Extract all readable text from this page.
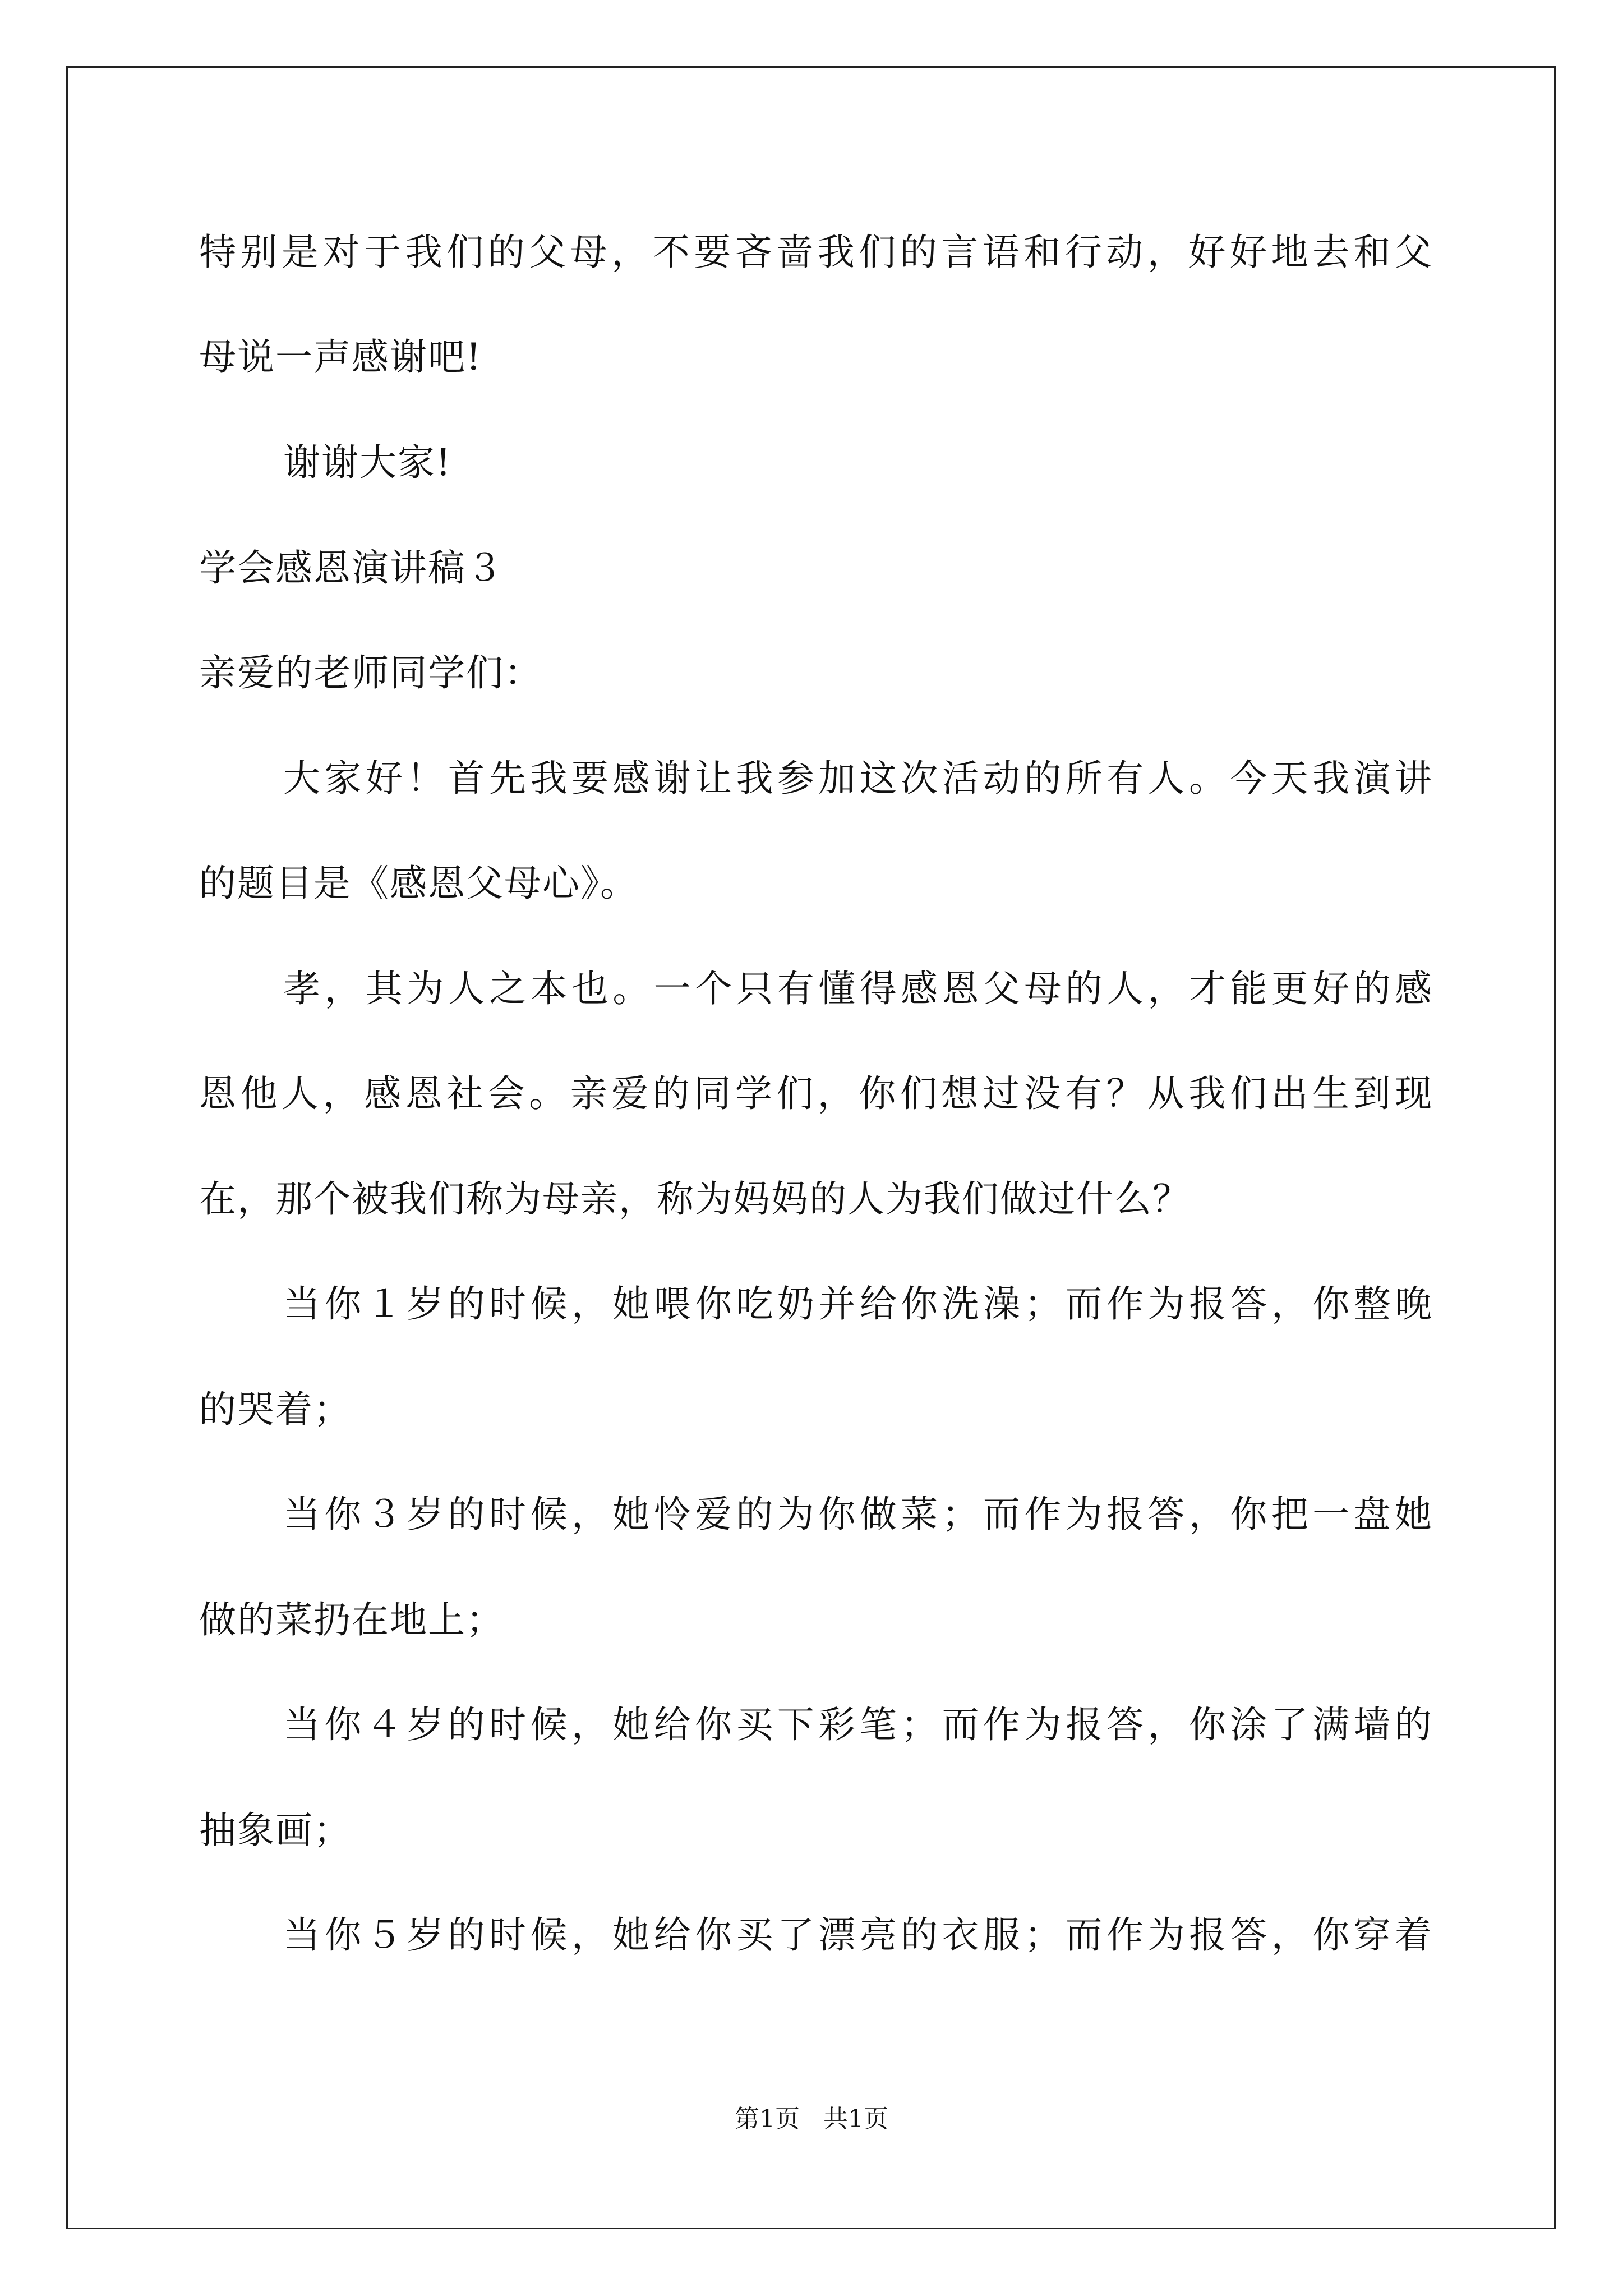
特别是对于我们的父母，不要吝啬我们的言语和行动，好好地去和父
母说一声感谢吧!
谢谢大家!
学会感恩演讲稿３
亲爱的老师同学们：
大家好！首先我要感谢让我参加这次活动的所有人。今天我演讲
的题目是《感恩父母心》。
孝，其为人之本也。一个只有懂得感恩父母的人，才能更好的感
恩他人，感恩社会。亲爱的同学们，你们想过没有？从我们出生到现
在，那个被我们称为母亲，称为妈妈的人为我们做过什么？
当你１岁的时候，她喂你吃奶并给你洗澡；而作为报答，你整晚
的哭着；
当你３岁的时候，她怜爱的为你做菜；而作为报答，你把一盘她
做的菜扔在地上；
当你４岁的时候，她给你买下彩笔；而作为报答，你涂了满墙的
抽象画；
当你５岁的时候，她给你买了漂亮的衣服；而作为报答，你穿着
第1页   共1页
